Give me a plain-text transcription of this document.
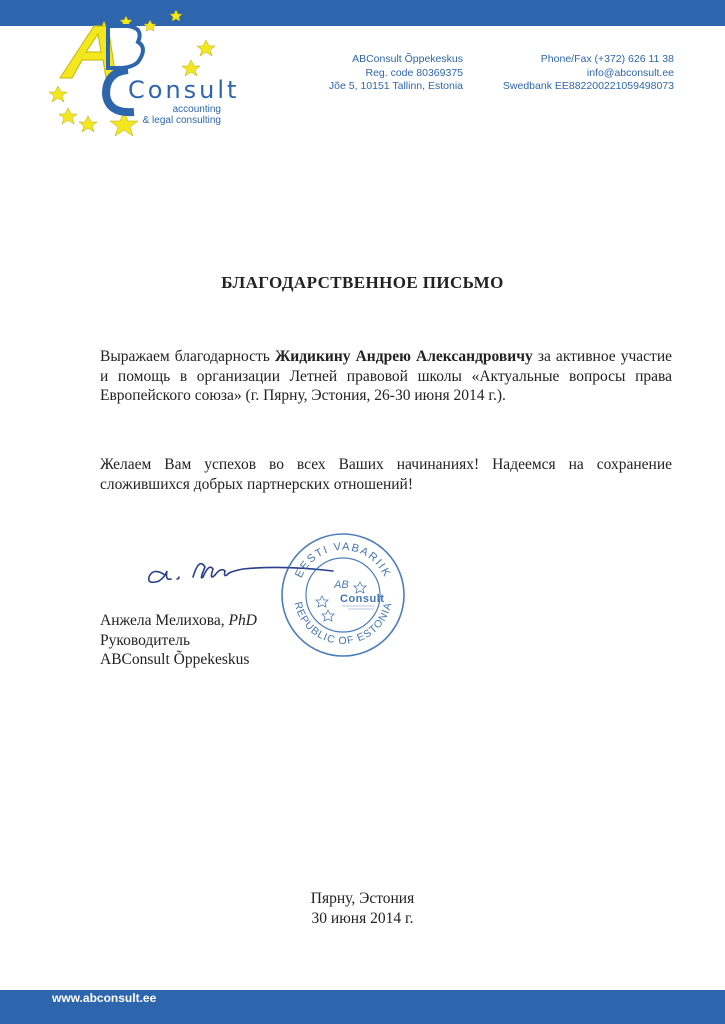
Consult
accounting
& legal consulting
ABConsult Õppekeskus
Reg. code 80369375
Jõe 5, 10151 Tallinn, Estonia
Phone/Fax (+372) 626 11 38
info@abconsult.ee
Swedbank EE882200221059498073
БЛАГОДАРСТВЕННОЕ ПИСЬМО
Выражаем благодарность Жидикину Андрею Александровичу за активное участие и помощь в организации Летней правовой школы «Актуальные вопросы права Европейского союза» (г. Пярну, Эстония, 26-30 июня 2014 г.).
Желаем Вам успехов во всех Ваших начинаниях! Надеемся на сохранение сложившихся добрых партнерских отношений!
EESTI VABARIIK
REPUBLIC OF ESTONIA
AB
Consult
Анжела Мелихова, PhD
Руководитель
ABConsult Õppekeskus
Пярну, Эстония
30 июня 2014 г.
www.abconsult.ee
